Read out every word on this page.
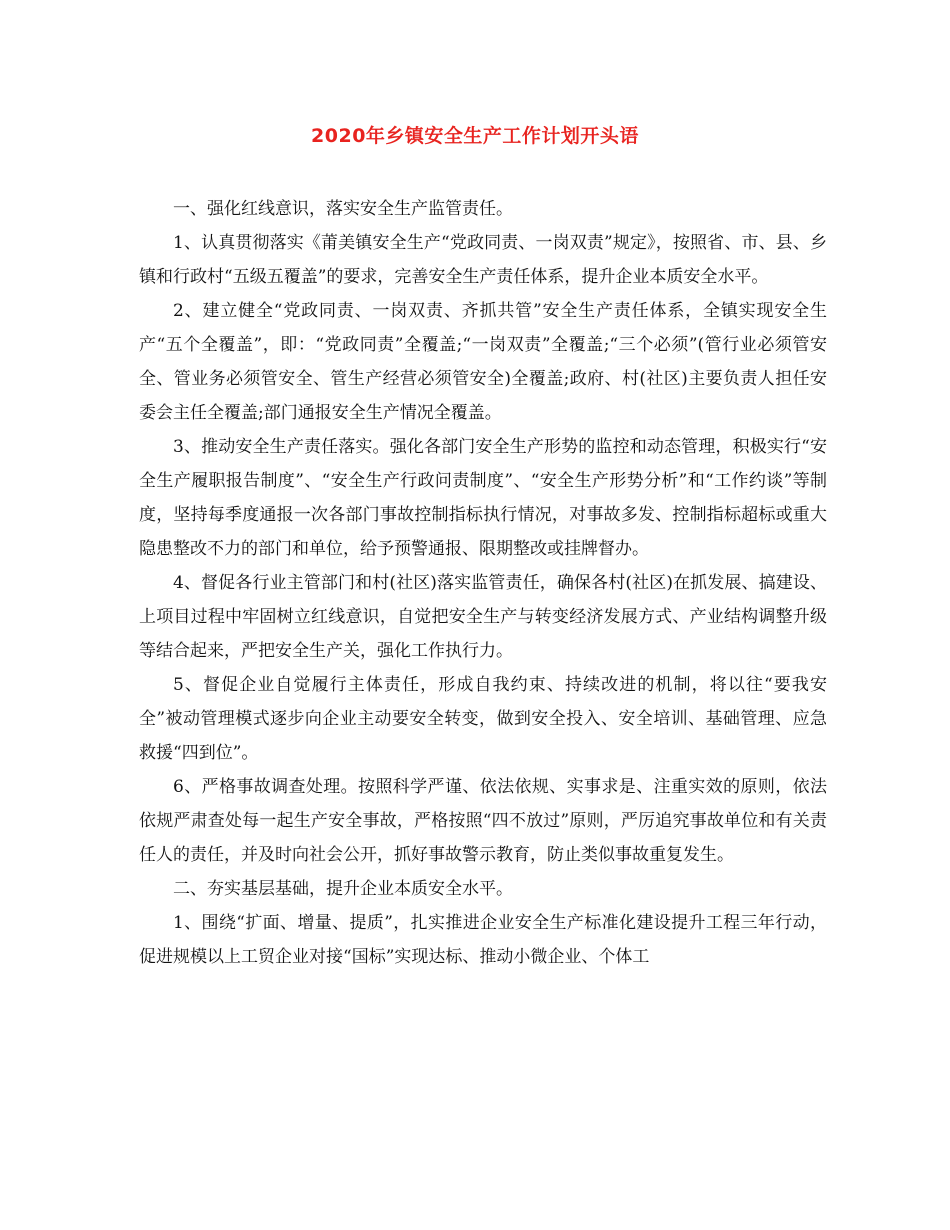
2020年乡镇安全生产工作计划开头语

一、强化红线意识，落实安全生产监管责任。

1、认真贯彻落实《莆美镇安全生产“党政同责、一岗双责”规定》，按照省、市、县、乡镇和行政村“五级五覆盖”的要求，完善安全生产责任体系，提升企业本质安全水平。

2、建立健全“党政同责、一岗双责、齐抓共管”安全生产责任体系，全镇实现安全生产“五个全覆盖”，即：“党政同责”全覆盖;“一岗双责”全覆盖;“三个必须”(管行业必须管安全、管业务必须管安全、管生产经营必须管安全)全覆盖;政府、村(社区)主要负责人担任安委会主任全覆盖;部门通报安全生产情况全覆盖。

3、推动安全生产责任落实。强化各部门安全生产形势的监控和动态管理，积极实行“安全生产履职报告制度”、“安全生产行政问责制度”、“安全生产形势分析”和“工作约谈”等制度，坚持每季度通报一次各部门事故控制指标执行情况，对事故多发、控制指标超标或重大隐患整改不力的部门和单位，给予预警通报、限期整改或挂牌督办。

4、督促各行业主管部门和村(社区)落实监管责任，确保各村(社区)在抓发展、搞建设、上项目过程中牢固树立红线意识，自觉把安全生产与转变经济发展方式、产业结构调整升级等结合起来，严把安全生产关，强化工作执行力。

5、督促企业自觉履行主体责任，形成自我约束、持续改进的机制，将以往“要我安全”被动管理模式逐步向企业主动要安全转变，做到安全投入、安全培训、基础管理、应急救援“四到位”。

6、严格事故调查处理。按照科学严谨、依法依规、实事求是、注重实效的原则，依法依规严肃查处每一起生产安全事故，严格按照“四不放过”原则，严厉追究事故单位和有关责任人的责任，并及时向社会公开，抓好事故警示教育，防止类似事故重复发生。

二、夯实基层基础，提升企业本质安全水平。

1、围绕“扩面、增量、提质”，扎实推进企业安全生产标准化建设提升工程三年行动，促进规模以上工贸企业对接“国标”实现达标、推动小微企业、个体工
